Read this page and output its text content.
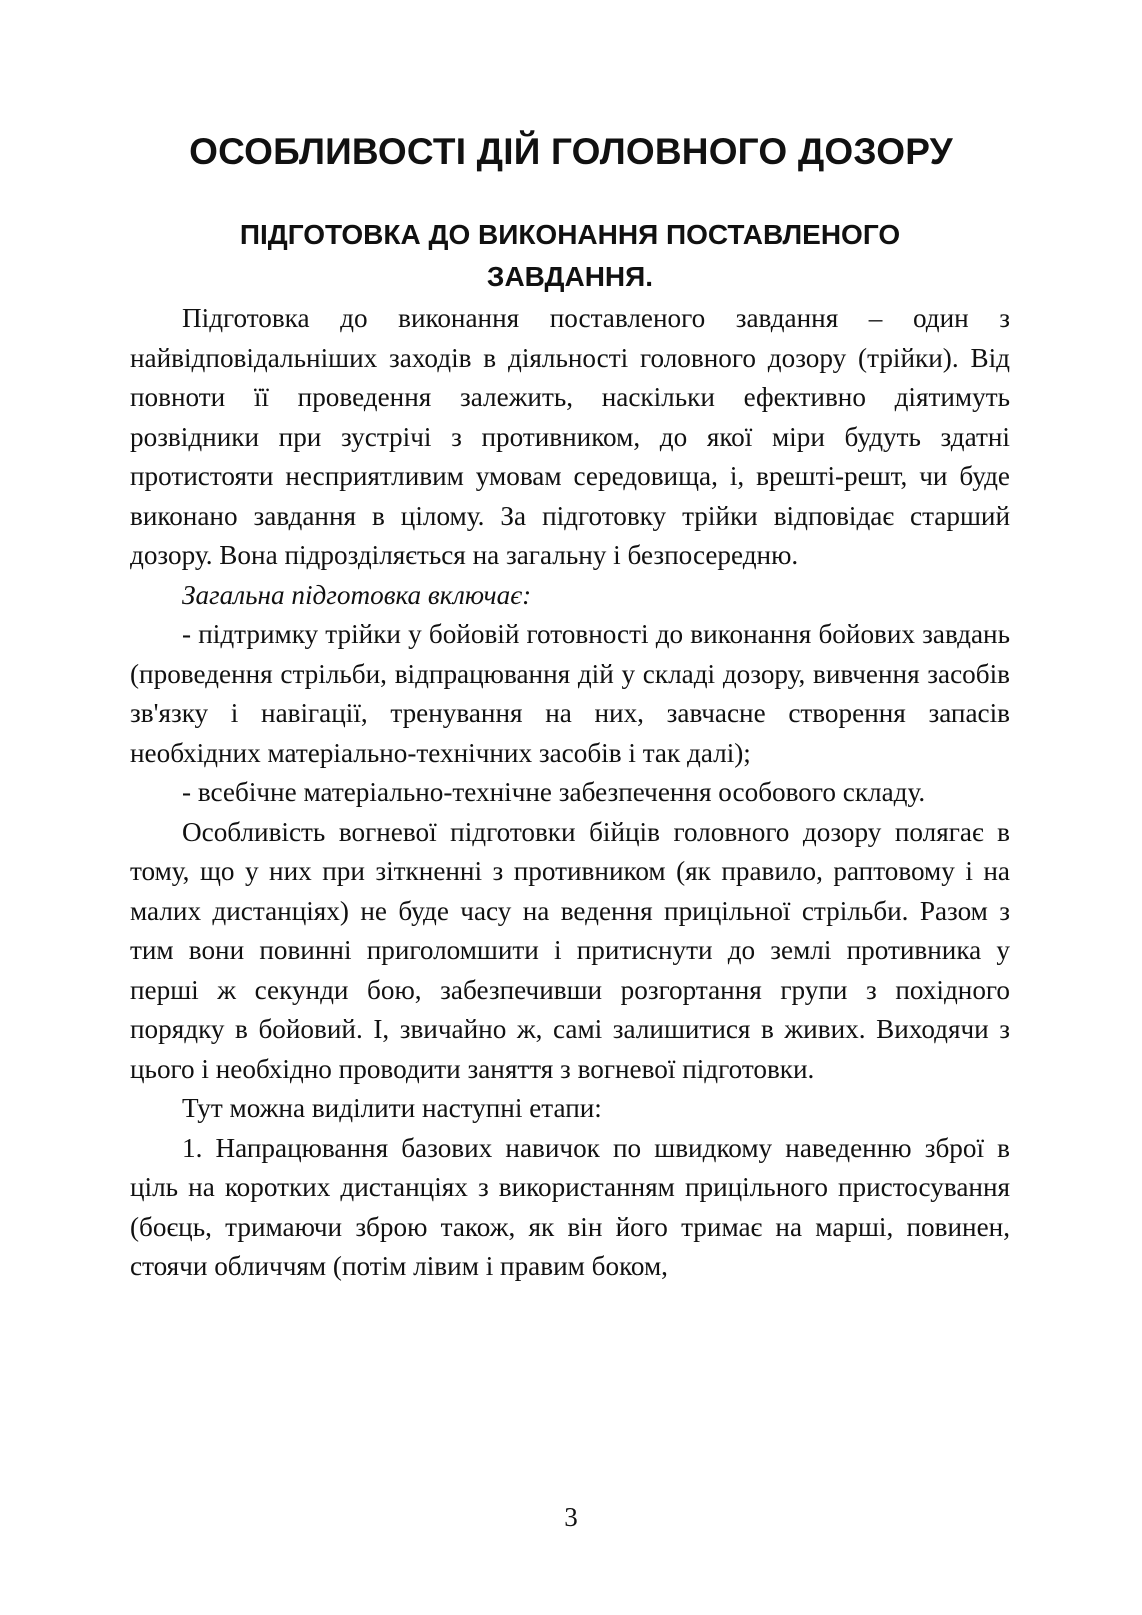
ОСОБЛИВОСТІ ДІЙ ГОЛОВНОГО ДОЗОРУ
ПІДГОТОВКА ДО ВИКОНАННЯ ПОСТАВЛЕНОГО ЗАВДАННЯ.

Підготовка до виконання поставленого завдання – один з найвідповідальніших заходів в діяльності головного дозору (трійки). Від повноти її проведення залежить, наскільки ефективно діятимуть розвідники при зустрічі з противником, до якої міри будуть здатні протистояти несприятливим умовам середовища, і, врешті-решт, чи буде виконано завдання в цілому. За підготовку трійки відповідає старший дозору. Вона підрозділяється на загальну і безпосередню.

Загальна підготовка включає:

- підтримку трійки у бойовій готовності до виконання бойових завдань (проведення стрільби, відпрацювання дій у складі дозору, вивчення засобів зв'язку і навігації, тренування на них, завчасне створення запасів необхідних матеріально-технічних засобів і так далі);

- всебічне матеріально-технічне забезпечення особового складу.

Особливість вогневої підготовки бійців головного дозору полягає в тому, що у них при зіткненні з противником (як правило, раптовому і на малих дистанціях) не буде часу на ведення прицільної стрільби. Разом з тим вони повинні приголомшити і притиснути до землі противника у перші ж секунди бою, забезпечивши розгортання групи з похідного порядку в бойовий. І, звичайно ж, самі залишитися в живих. Виходячи з цього і необхідно проводити заняття з вогневої підготовки.

Тут можна виділити наступні етапи:

1. Напрацювання базових навичок по швидкому наведенню зброї в ціль на коротких дистанціях з використанням прицільного пристосування (боєць, тримаючи зброю також, як він його тримає на марші, повинен, стоячи обличчям (потім лівим і правим боком,

3
